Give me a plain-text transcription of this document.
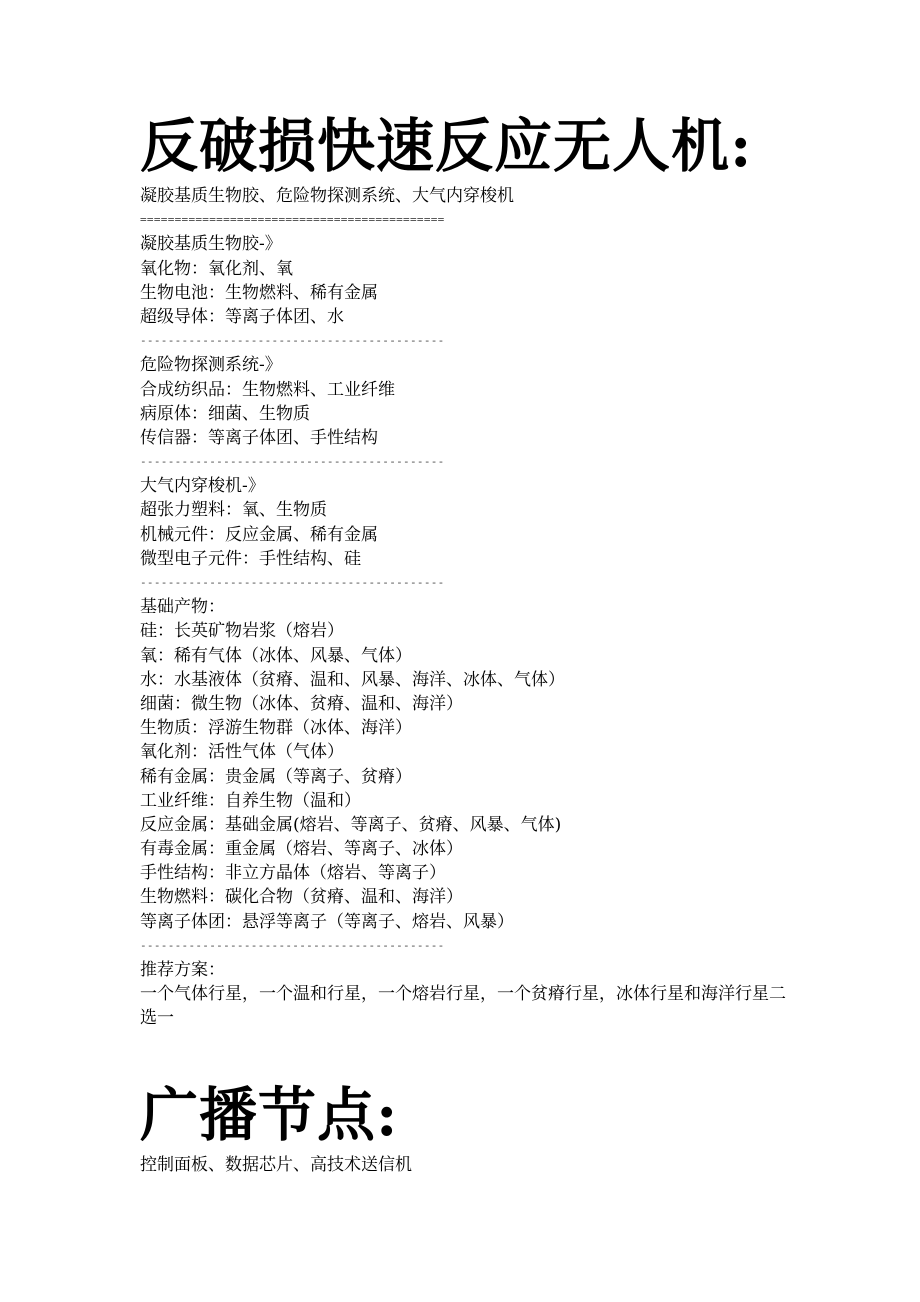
反破损快速反应无人机:
凝胶基质生物胶、危险物探测系统、大气内穿梭机
============================================
凝胶基质生物胶-》
氧化物：氧化剂、氧
生物电池：生物燃料、稀有金属
超级导体：等离子体团、水
--------------------------------------------
危险物探测系统-》
合成纺织品：生物燃料、工业纤维
病原体：细菌、生物质
传信器：等离子体团、手性结构
--------------------------------------------
大气内穿梭机-》
超张力塑料：氧、生物质
机械元件：反应金属、稀有金属
微型电子元件：手性结构、硅
--------------------------------------------
基础产物：
硅：长英矿物岩浆（熔岩）
氧：稀有气体（冰体、风暴、气体）
水：水基液体（贫瘠、温和、风暴、海洋、冰体、气体）
细菌：微生物（冰体、贫瘠、温和、海洋）
生物质：浮游生物群（冰体、海洋）
氧化剂：活性气体（气体）
稀有金属：贵金属（等离子、贫瘠）
工业纤维：自养生物（温和）
反应金属：基础金属(熔岩、等离子、贫瘠、风暴、气体)
有毒金属：重金属（熔岩、等离子、冰体）
手性结构：非立方晶体（熔岩、等离子）
生物燃料：碳化合物（贫瘠、温和、海洋）
等离子体团：悬浮等离子（等离子、熔岩、风暴）
--------------------------------------------
推荐方案：
一个气体行星，一个温和行星，一个熔岩行星，一个贫瘠行星，冰体行星和海洋行星二选一
广播节点:
控制面板、数据芯片、高技术送信机
